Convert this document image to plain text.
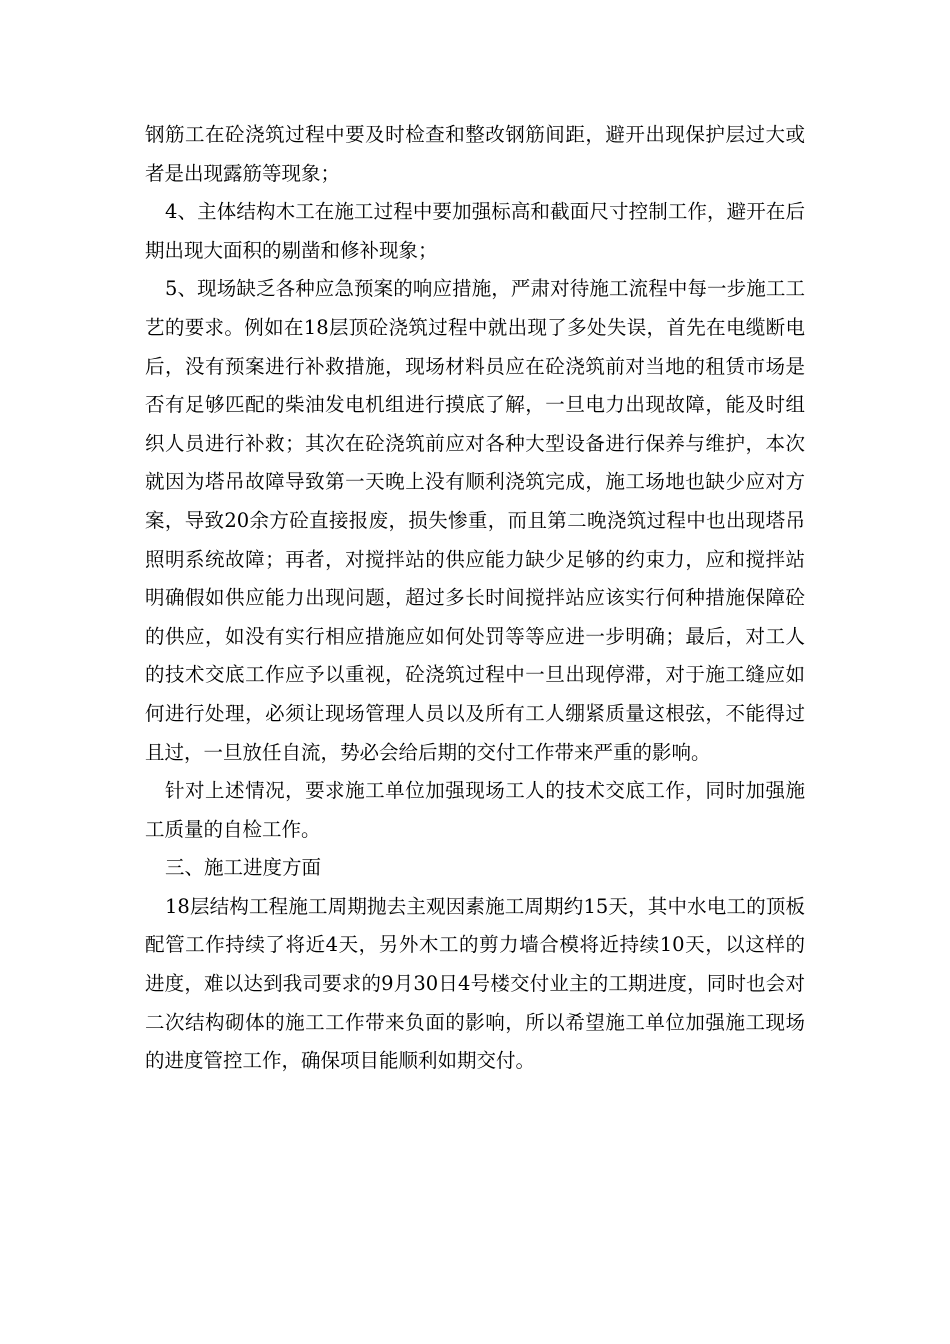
钢筋工在砼浇筑过程中要及时检查和整改钢筋间距，避开出现保护层过大或者是出现露筋等现象；

4、主体结构木工在施工过程中要加强标高和截面尺寸控制工作，避开在后期出现大面积的剔凿和修补现象；

5、现场缺乏各种应急预案的响应措施，严肃对待施工流程中每一步施工工艺的要求。例如在18层顶砼浇筑过程中就出现了多处失误，首先在电缆断电后，没有预案进行补救措施，现场材料员应在砼浇筑前对当地的租赁市场是否有足够匹配的柴油发电机组进行摸底了解，一旦电力出现故障，能及时组织人员进行补救；其次在砼浇筑前应对各种大型设备进行保养与维护，本次就因为塔吊故障导致第一天晚上没有顺利浇筑完成，施工场地也缺少应对方案，导致20余方砼直接报废，损失惨重，而且第二晚浇筑过程中也出现塔吊照明系统故障；再者，对搅拌站的供应能力缺少足够的约束力，应和搅拌站明确假如供应能力出现问题，超过多长时间搅拌站应该实行何种措施保障砼的供应，如没有实行相应措施应如何处罚等等应进一步明确；最后，对工人的技术交底工作应予以重视，砼浇筑过程中一旦出现停滞，对于施工缝应如何进行处理，必须让现场管理人员以及所有工人绷紧质量这根弦，不能得过且过，一旦放任自流，势必会给后期的交付工作带来严重的影响。

针对上述情况，要求施工单位加强现场工人的技术交底工作，同时加强施工质量的自检工作。

三、施工进度方面

18层结构工程施工周期抛去主观因素施工周期约15天，其中水电工的顶板配管工作持续了将近4天，另外木工的剪力墙合模将近持续10天，以这样的进度，难以达到我司要求的9月30日4号楼交付业主的工期进度，同时也会对二次结构砌体的施工工作带来负面的影响，所以希望施工单位加强施工现场的进度管控工作，确保项目能顺利如期交付。
